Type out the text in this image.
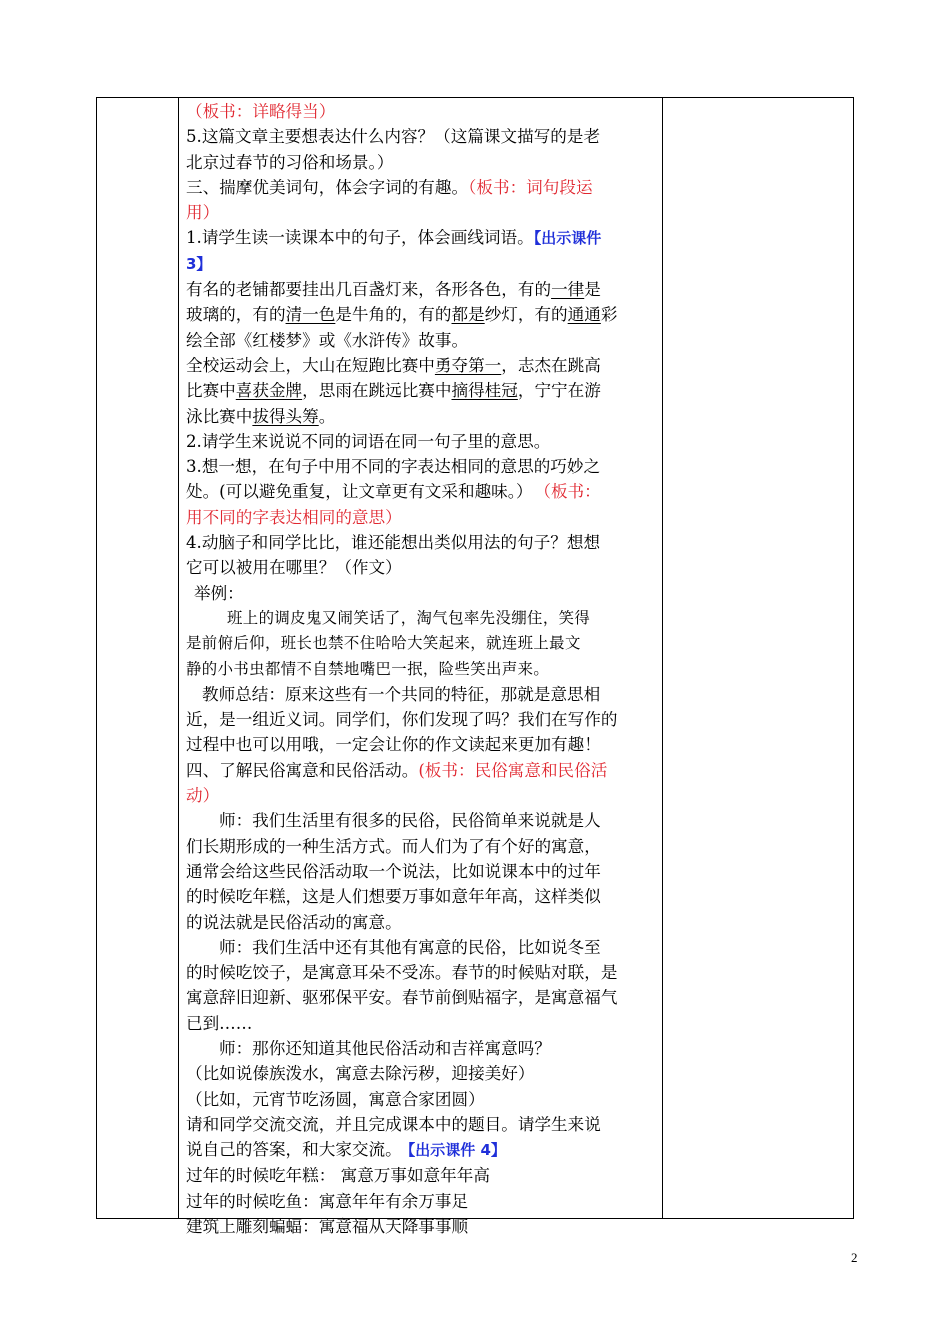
（板书：详略得当）

5.这篇文章主要想表达什么内容？（这篇课文描写的是老

北京过春节的习俗和场景。）

三、揣摩优美词句，体会字词的有趣。（板书：词句段运

用）

1.请学生读一读课本中的句子，体会画线词语。【出示课件

3】

有名的老铺都要挂出几百盏灯来，各形各色，有的一律是

玻璃的，有的清一色是牛角的，有的都是纱灯，有的通通彩

绘全部《红楼梦》或《水浒传》故事。

全校运动会上，大山在短跑比赛中勇夺第一，志杰在跳高

比赛中喜获金牌，思雨在跳远比赛中摘得桂冠，宁宁在游

泳比赛中拔得头筹。

2.请学生来说说不同的词语在同一句子里的意思。

3.想一想，在句子中用不同的字表达相同的意思的巧妙之

处。(可以避免重复，让文章更有文采和趣味。） （板书：

用不同的字表达相同的意思）

4.动脑子和同学比比，谁还能想出类似用法的句子？想想

它可以被用在哪里？（作文）

举例：

班上的调皮鬼又闹笑话了，淘气包率先没绷住，笑得

是前俯后仰，班长也禁不住哈哈大笑起来，就连班上最文

静的小书虫都情不自禁地嘴巴一抿，险些笑出声来。

教师总结：原来这些有一个共同的特征，那就是意思相

近，是一组近义词。同学们，你们发现了吗？我们在写作的

过程中也可以用哦，一定会让你的作文读起来更加有趣！

四、了解民俗寓意和民俗活动。(板书：民俗寓意和民俗活

动）

师：我们生活里有很多的民俗，民俗简单来说就是人

们长期形成的一种生活方式。而人们为了有个好的寓意，

通常会给这些民俗活动取一个说法，比如说课本中的过年

的时候吃年糕，这是人们想要万事如意年年高，这样类似

的说法就是民俗活动的寓意。

师：我们生活中还有其他有寓意的民俗，比如说冬至

的时候吃饺子，是寓意耳朵不受冻。春节的时候贴对联，是

寓意辞旧迎新、驱邪保平安。春节前倒贴福字，是寓意福气

已到……

师：那你还知道其他民俗活动和吉祥寓意吗？

（比如说傣族泼水，寓意去除污秽，迎接美好）

（比如，元宵节吃汤圆，寓意合家团圆）

请和同学交流交流，并且完成课本中的题目。请学生来说

说自己的答案，和大家交流。 【出示课件 4】

过年的时候吃年糕： 寓意万事如意年年高

过年的时候吃鱼：寓意年年有余万事足

建筑上雕刻蝙蝠：寓意福从天降事事顺

2
